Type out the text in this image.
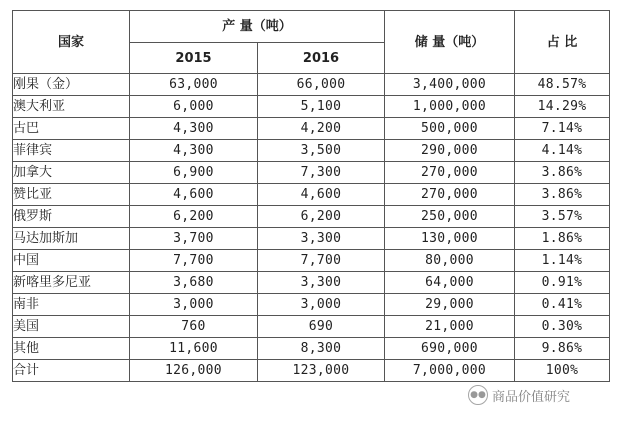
国家	产 量（吨）		储 量（吨）	占 比
	2015	2016		
刚果（金）	63,000	66,000	3,400,000	48.57%
澳大利亚	6,000	5,100	1,000,000	14.29%
古巴	4,300	4,200	500,000	7.14%
菲律宾	4,300	3,500	290,000	4.14%
加拿大	6,900	7,300	270,000	3.86%
赞比亚	4,600	4,600	270,000	3.86%
俄罗斯	6,200	6,200	250,000	3.57%
马达加斯加	3,700	3,300	130,000	1.86%
中国	7,700	7,700	80,000	1.14%
新喀里多尼亚	3,680	3,300	64,000	0.91%
南非	3,000	3,000	29,000	0.41%
美国	760	690	21,000	0.30%
其他	11,600	8,300	690,000	9.86%
合计	126,000	123,000	7,000,000	100%
●● 商品价值研究
